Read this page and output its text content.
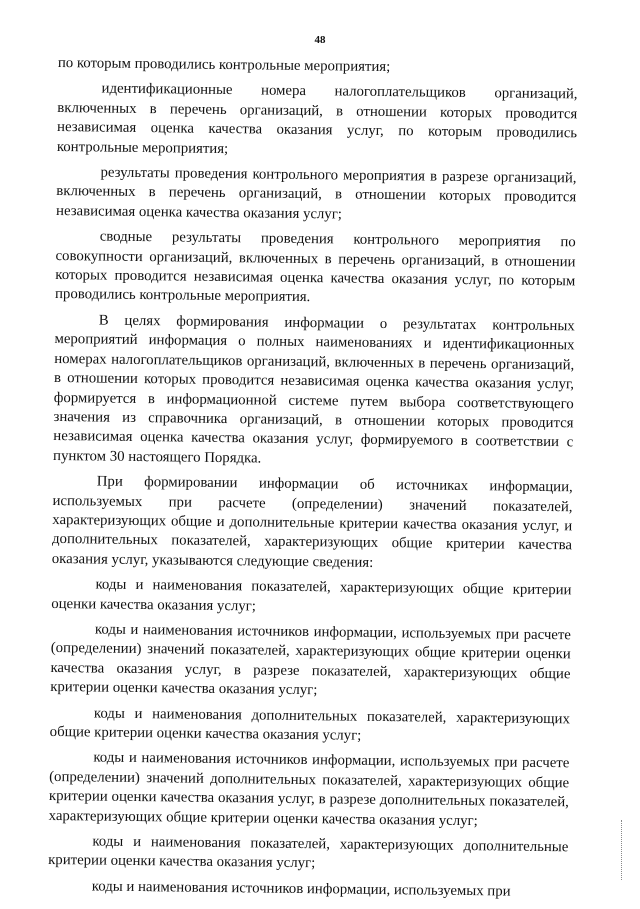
48

по которым проводились контрольные мероприятия;

идентификационные номера налогоплательщиков организаций, включенных в перечень организаций, в отношении которых проводится независимая оценка качества оказания услуг, по которым проводились контрольные мероприятия;

результаты проведения контрольного мероприятия в разрезе организаций, включенных в перечень организаций, в отношении которых проводится независимая оценка качества оказания услуг;

сводные результаты проведения контрольного мероприятия по совокупности организаций, включенных в перечень организаций, в отношении которых проводится независимая оценка качества оказания услуг, по которым проводились контрольные мероприятия.

В целях формирования информации о результатах контрольных мероприятий информация о полных наименованиях и идентификационных номерах налогоплательщиков организаций, включенных в перечень организаций, в отношении которых проводится независимая оценка качества оказания услуг, формируется в информационной системе путем выбора соответствующего значения из справочника организаций, в отношении которых проводится независимая оценка качества оказания услуг, формируемого в соответствии с пунктом 30 настоящего Порядка.

При формировании информации об источниках информации, используемых при расчете (определении) значений показателей, характеризующих общие и дополнительные критерии качества оказания услуг, и дополнительных показателей, характеризующих общие критерии качества оказания услуг, указываются следующие сведения:

коды и наименования показателей, характеризующих общие критерии оценки качества оказания услуг;

коды и наименования источников информации, используемых при расчете (определении) значений показателей, характеризующих общие критерии оценки качества оказания услуг, в разрезе показателей, характеризующих общие критерии оценки качества оказания услуг;

коды и наименования дополнительных показателей, характеризующих общие критерии оценки качества оказания услуг;

коды и наименования источников информации, используемых при расчете (определении) значений дополнительных показателей, характеризующих общие критерии оценки качества оказания услуг, в разрезе дополнительных показателей, характеризующих общие критерии оценки качества оказания услуг;

коды и наименования показателей, характеризующих дополнительные критерии оценки качества оказания услуг;

коды и наименования источников информации, используемых при
